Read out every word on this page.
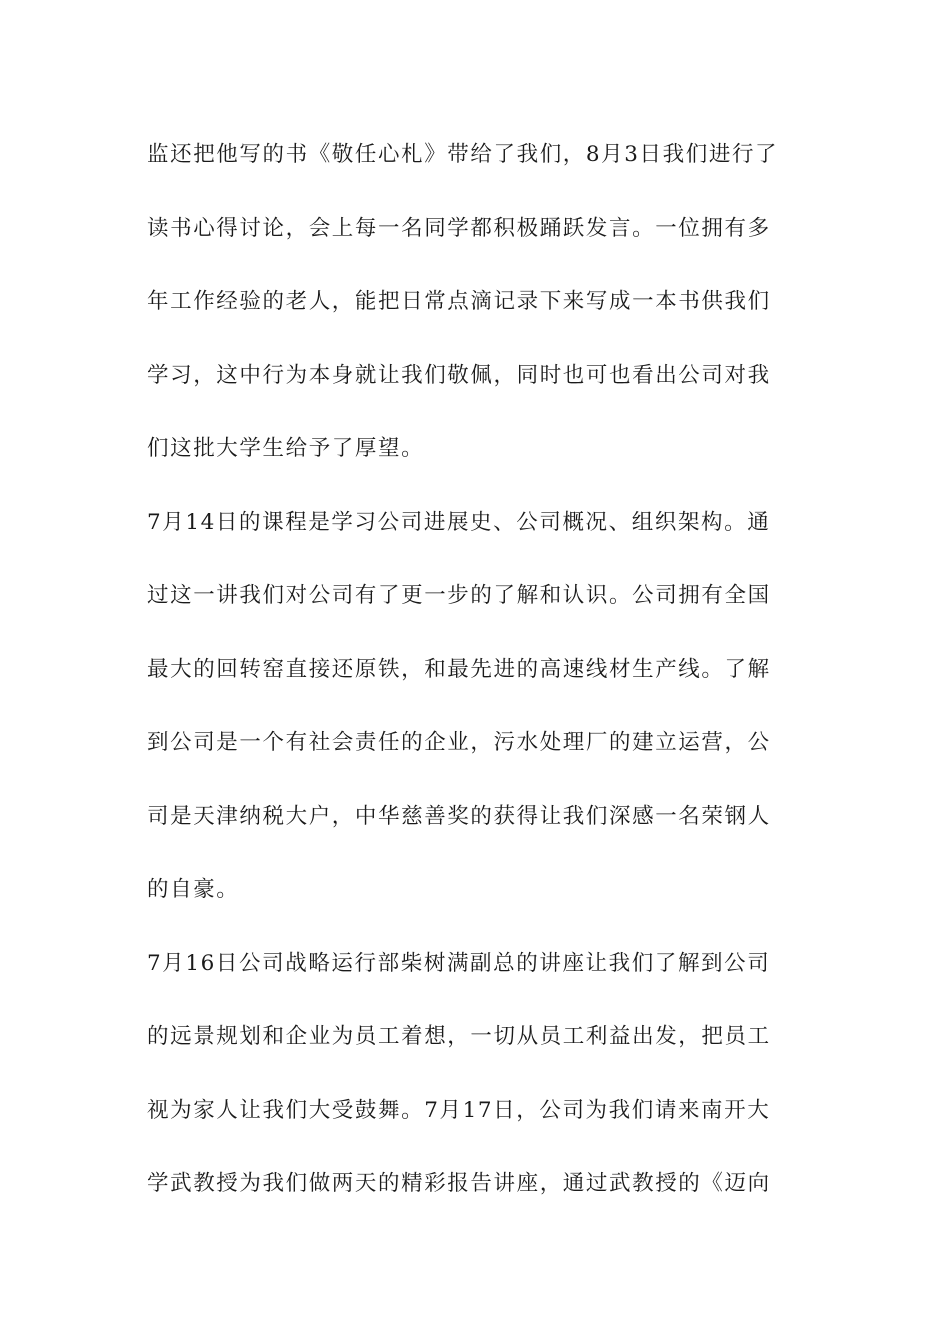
监还把他写的书《敬任心札》带给了我们，8月3日我们进行了
读书心得讨论，会上每一名同学都积极踊跃发言。一位拥有多
年工作经验的老人，能把日常点滴记录下来写成一本书供我们
学习，这中行为本身就让我们敬佩，同时也可也看出公司对我
们这批大学生给予了厚望。
7月14日的课程是学习公司进展史、公司概况、组织架构。通
过这一讲我们对公司有了更一步的了解和认识。公司拥有全国
最大的回转窑直接还原铁，和最先进的高速线材生产线。了解
到公司是一个有社会责任的企业，污水处理厂的建立运营，公
司是天津纳税大户，中华慈善奖的获得让我们深感一名荣钢人
的自豪。
7月16日公司战略运行部柴树满副总的讲座让我们了解到公司
的远景规划和企业为员工着想，一切从员工利益出发，把员工
视为家人让我们大受鼓舞。7月17日，公司为我们请来南开大
学武教授为我们做两天的精彩报告讲座，通过武教授的《迈向
